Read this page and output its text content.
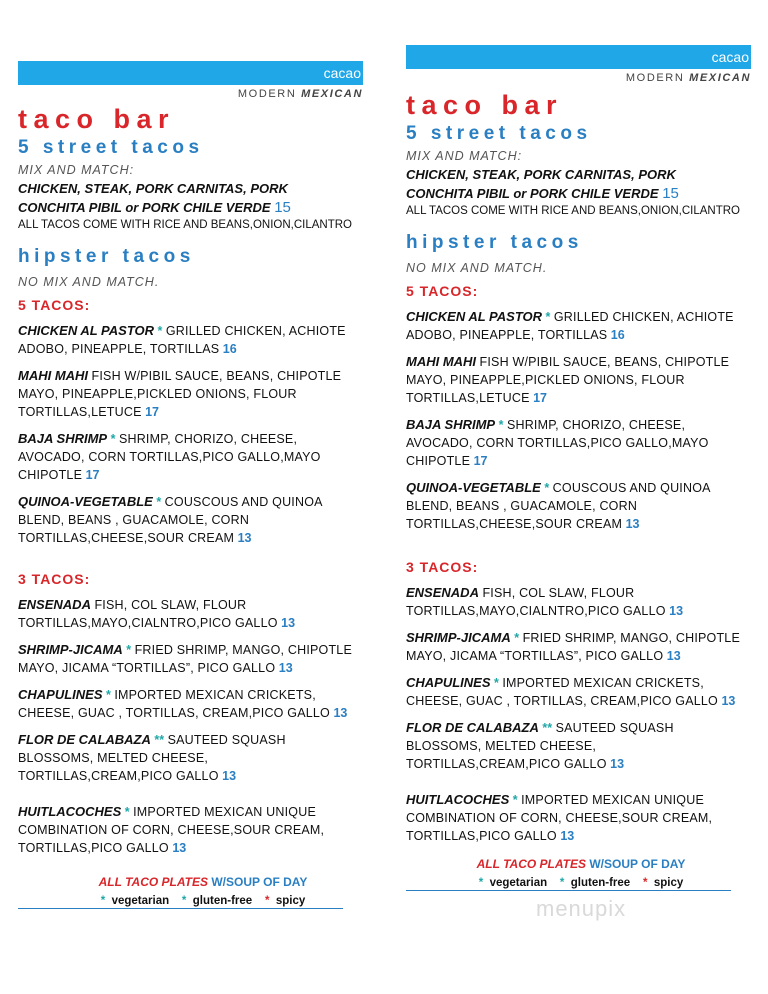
cacao
MODERN MEXICAN
taco bar
5 street tacos
MIX AND MATCH:
CHICKEN, STEAK, PORK CARNITAS, PORK
CONCHITA PIBIL or PORK CHILE VERDE 15
ALL TACOS COME WITH RICE AND BEANS,ONION,CILANTRO
hipster tacos
NO MIX AND MATCH.
5 TACOS:
CHICKEN AL PASTOR * GRILLED CHICKEN, ACHIOTE ADOBO, PINEAPPLE, TORTILLAS 16
MAHI MAHI FISH W/PIBIL SAUCE, BEANS, CHIPOTLE MAYO, PINEAPPLE,PICKLED ONIONS, FLOUR TORTILLAS,LETUCE 17
BAJA SHRIMP * SHRIMP, CHORIZO, CHEESE, AVOCADO, CORN TORTILLAS,PICO GALLO,MAYO CHIPOTLE 17
QUINOA-VEGETABLE * COUSCOUS AND QUINOA BLEND, BEANS , GUACAMOLE, CORN TORTILLAS,CHEESE,SOUR CREAM 13
3 TACOS:
ENSENADA FISH, COL SLAW, FLOUR TORTILLAS,MAYO,CIALNTRO,PICO GALLO 13
SHRIMP-JICAMA * FRIED SHRIMP, MANGO, CHIPOTLE MAYO, JICAMA “TORTILLAS”, PICO GALLO 13
CHAPULINES * IMPORTED MEXICAN CRICKETS, CHEESE, GUAC , TORTILLAS, CREAM,PICO GALLO 13
FLOR DE CALABAZA ** SAUTEED SQUASH BLOSSOMS, MELTED CHEESE, TORTILLAS,CREAM,PICO GALLO 13
HUITLACOCHES * IMPORTED MEXICAN UNIQUE COMBINATION OF CORN, CHEESE,SOUR CREAM, TORTILLAS,PICO GALLO 13
ALL TACO PLATES W/SOUP OF DAY
* vegetarian * gluten-free * spicy
cacao
MODERN MEXICAN
taco bar
5 street tacos
MIX AND MATCH:
CHICKEN, STEAK, PORK CARNITAS, PORK
CONCHITA PIBIL or PORK CHILE VERDE 15
ALL TACOS COME WITH RICE AND BEANS,ONION,CILANTRO
hipster tacos
NO MIX AND MATCH.
5 TACOS:
CHICKEN AL PASTOR * GRILLED CHICKEN, ACHIOTE ADOBO, PINEAPPLE, TORTILLAS 16
MAHI MAHI FISH W/PIBIL SAUCE, BEANS, CHIPOTLE MAYO, PINEAPPLE,PICKLED ONIONS, FLOUR TORTILLAS,LETUCE 17
BAJA SHRIMP * SHRIMP, CHORIZO, CHEESE, AVOCADO, CORN TORTILLAS,PICO GALLO,MAYO CHIPOTLE 17
QUINOA-VEGETABLE * COUSCOUS AND QUINOA BLEND, BEANS , GUACAMOLE, CORN TORTILLAS,CHEESE,SOUR CREAM 13
3 TACOS:
ENSENADA FISH, COL SLAW, FLOUR TORTILLAS,MAYO,CIALNTRO,PICO GALLO 13
SHRIMP-JICAMA * FRIED SHRIMP, MANGO, CHIPOTLE MAYO, JICAMA “TORTILLAS”, PICO GALLO 13
CHAPULINES * IMPORTED MEXICAN CRICKETS, CHEESE, GUAC , TORTILLAS, CREAM,PICO GALLO 13
FLOR DE CALABAZA ** SAUTEED SQUASH BLOSSOMS, MELTED CHEESE, TORTILLAS,CREAM,PICO GALLO 13
HUITLACOCHES * IMPORTED MEXICAN UNIQUE COMBINATION OF CORN, CHEESE,SOUR CREAM, TORTILLAS,PICO GALLO 13
ALL TACO PLATES W/SOUP OF DAY
* vegetarian * gluten-free * spicy
menupix
